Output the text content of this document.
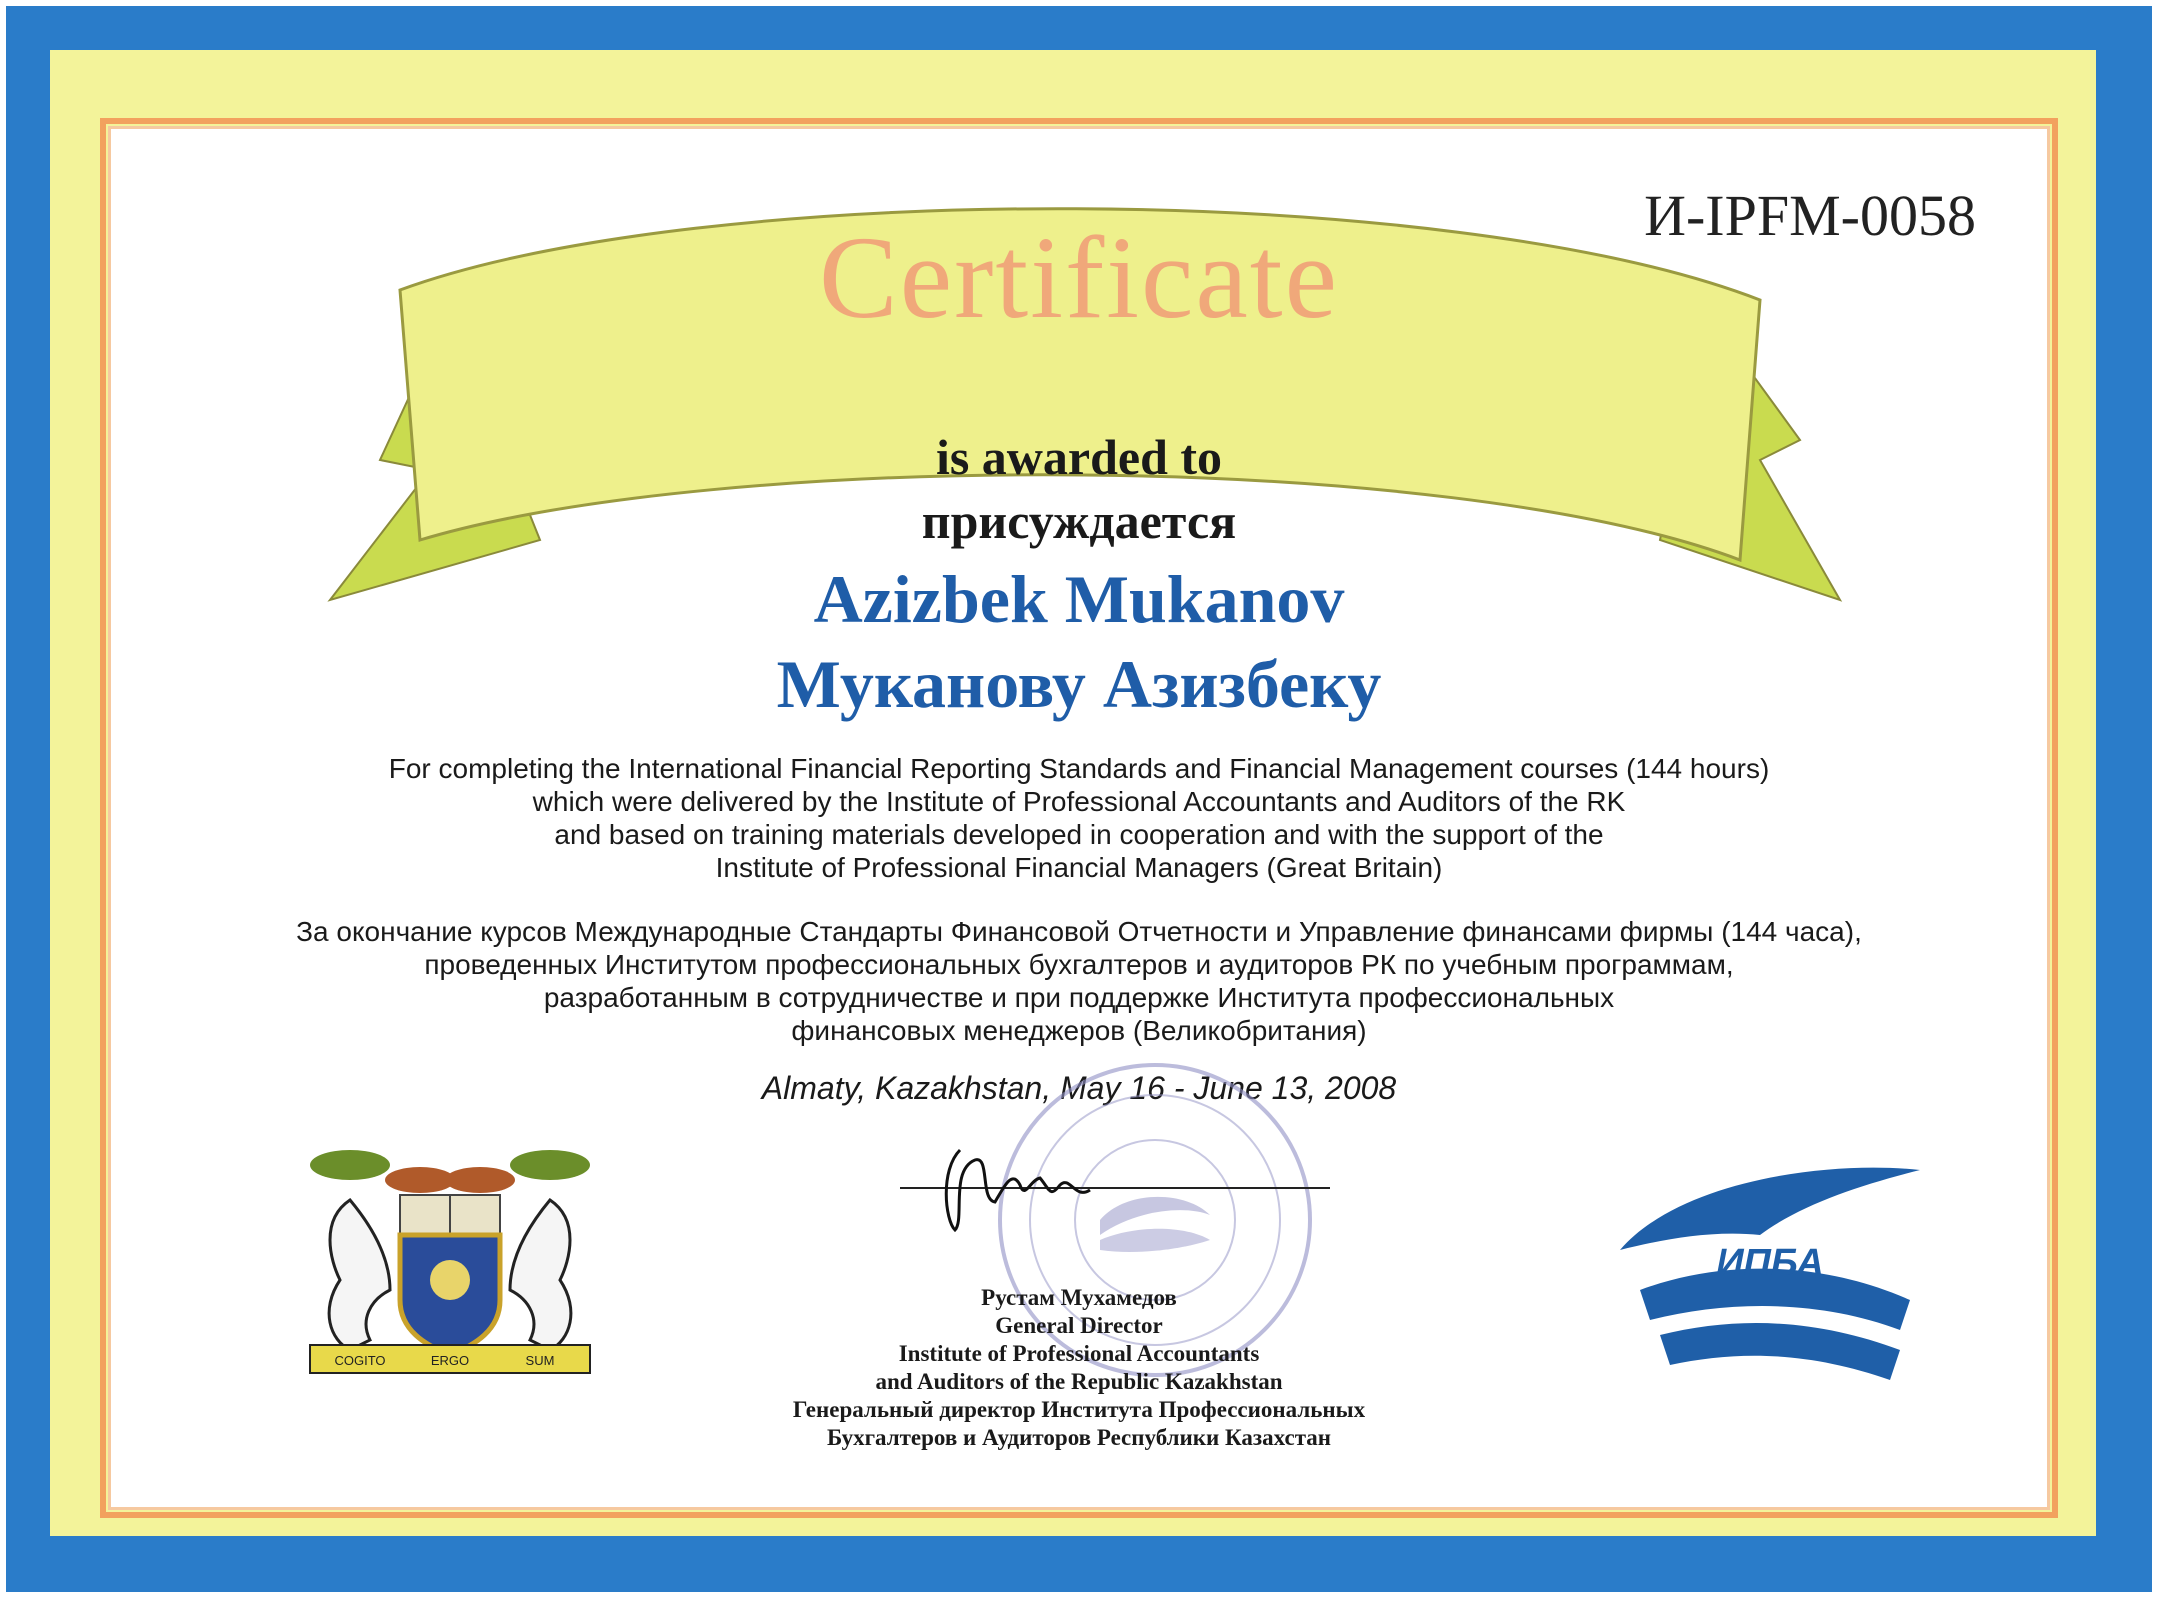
И-IPFM-0058
Certificate
is awarded to
присуждается
Azizbek Mukanov
Муканову Азизбеку
For completing the International Financial Reporting Standards and Financial Management courses (144 hours)
which were delivered by the Institute of Professional Accountants and Auditors of the RK
and based on training materials developed in cooperation and with the support of the
Institute of Professional Financial Managers (Great Britain)
За окончание курсов Международные Стандарты Финансовой Отчетности и Управление финансами фирмы (144 часа),
проведенных Институтом профессиональных бухгалтеров и аудиторов РК по учебным программам,
разработанным в сотрудничестве и при поддержке Института профессиональных
финансовых менеджеров (Великобритания)
Almaty, Kazakhstan, May 16 - June 13, 2008
COGITO	ERGO	SUM
ИПБА
Рустам Мухамедов
General Director
Institute of Professional Accountants
and Auditors of the Republic Kazakhstan
Генеральный директор Института Профессиональных
Бухгалтеров и Аудиторов Республики Казахстан
